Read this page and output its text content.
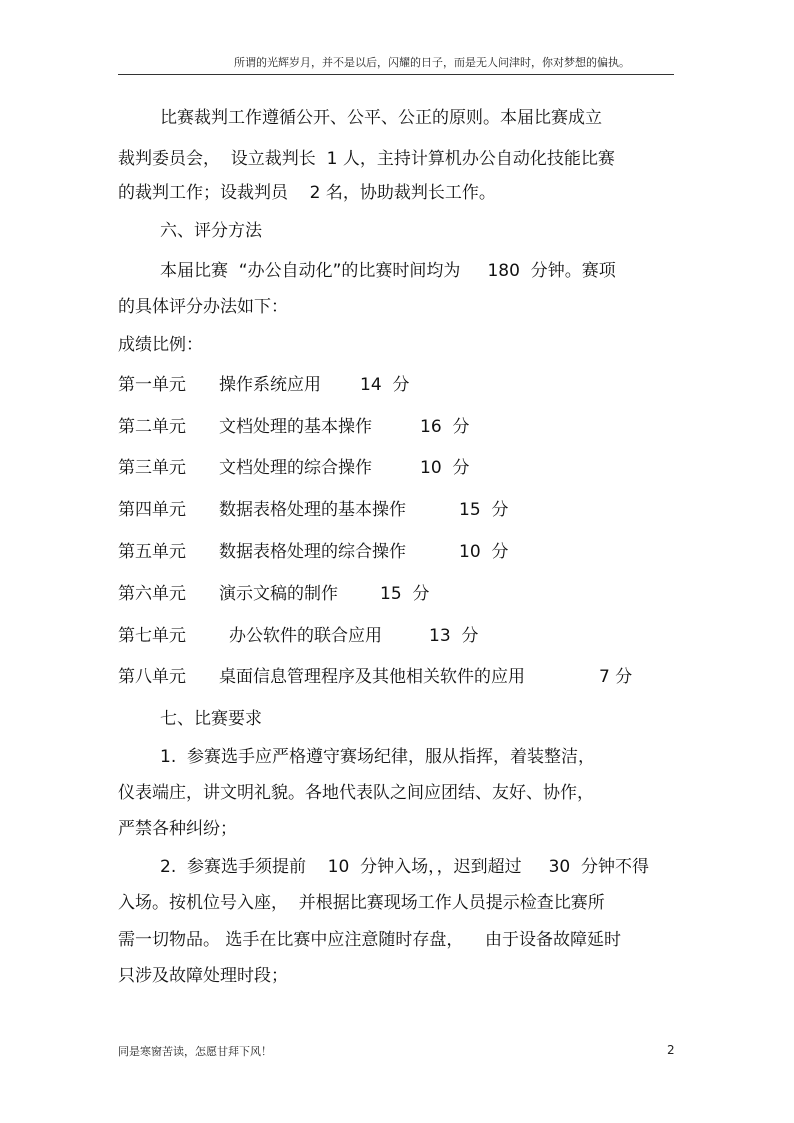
所谓的光辉岁月，并不是以后，闪耀的日子，而是无人问津时，你对梦想的偏执。
比赛裁判工作遵循公开、公平、公正的原则。本届比赛成立
裁判委员会，  设立裁判长  1 人，主持计算机办公自动化技能比赛
的裁判工作；设裁判员    2 名，协助裁判长工作。
六、评分方法
本届比赛  “办公自动化”的比赛时间均为     180  分钟。赛项
的具体评分办法如下：
成绩比例：
第一单元 操作系统应用 14  分
第二单元 文档处理的基本操作	16  分
第三单元 文档处理的综合操作	10  分
第四单元 数据表格处理的基本操作	15  分
第五单元 数据表格处理的综合操作	10  分
第六单元 演示文稿的制作 15  分
第七单元	办公软件的联合应用	13  分
第八单元 桌面信息管理程序及其他相关软件的应用	7 分
七、比赛要求
1.  参赛选手应严格遵守赛场纪律，服从指挥，着装整洁，
仪表端庄，讲文明礼貌。各地代表队之间应团结、友好、协作，
严禁各种纠纷；
2.  参赛选手须提前    10  分钟入场，，迟到超过     30  分钟不得
入场。按机位号入座，  并根据比赛现场工作人员提示检查比赛所
需一切物品。 选手在比赛中应注意随时存盘，    由于设备故障延时
只涉及故障处理时段；
同是寒窗苦读，怎愿甘拜下风！	2
